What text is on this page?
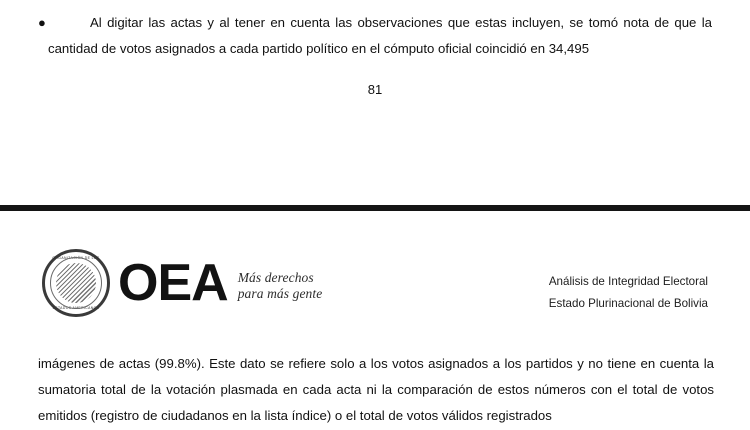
●	Al digitar las actas y al tener en cuenta las observaciones que estas incluyen, se tomó nota de que la cantidad de votos asignados a cada partido político en el cómputo oficial coincidió en 34,495
81
ORGANIZACIÓN DE LOS
ESTADOS AMERICANOS OEA Más derechos
para más gente
Análisis de Integridad Electoral
Estado Plurinacional de Bolivia
imágenes de actas (99.8%). Este dato se refiere solo a los votos asignados a los partidos y no tiene en cuenta la sumatoria total de la votación plasmada en cada acta ni la comparación de estos números con el total de votos emitidos (registro de ciudadanos en la lista índice) o el total de votos válidos registrados
